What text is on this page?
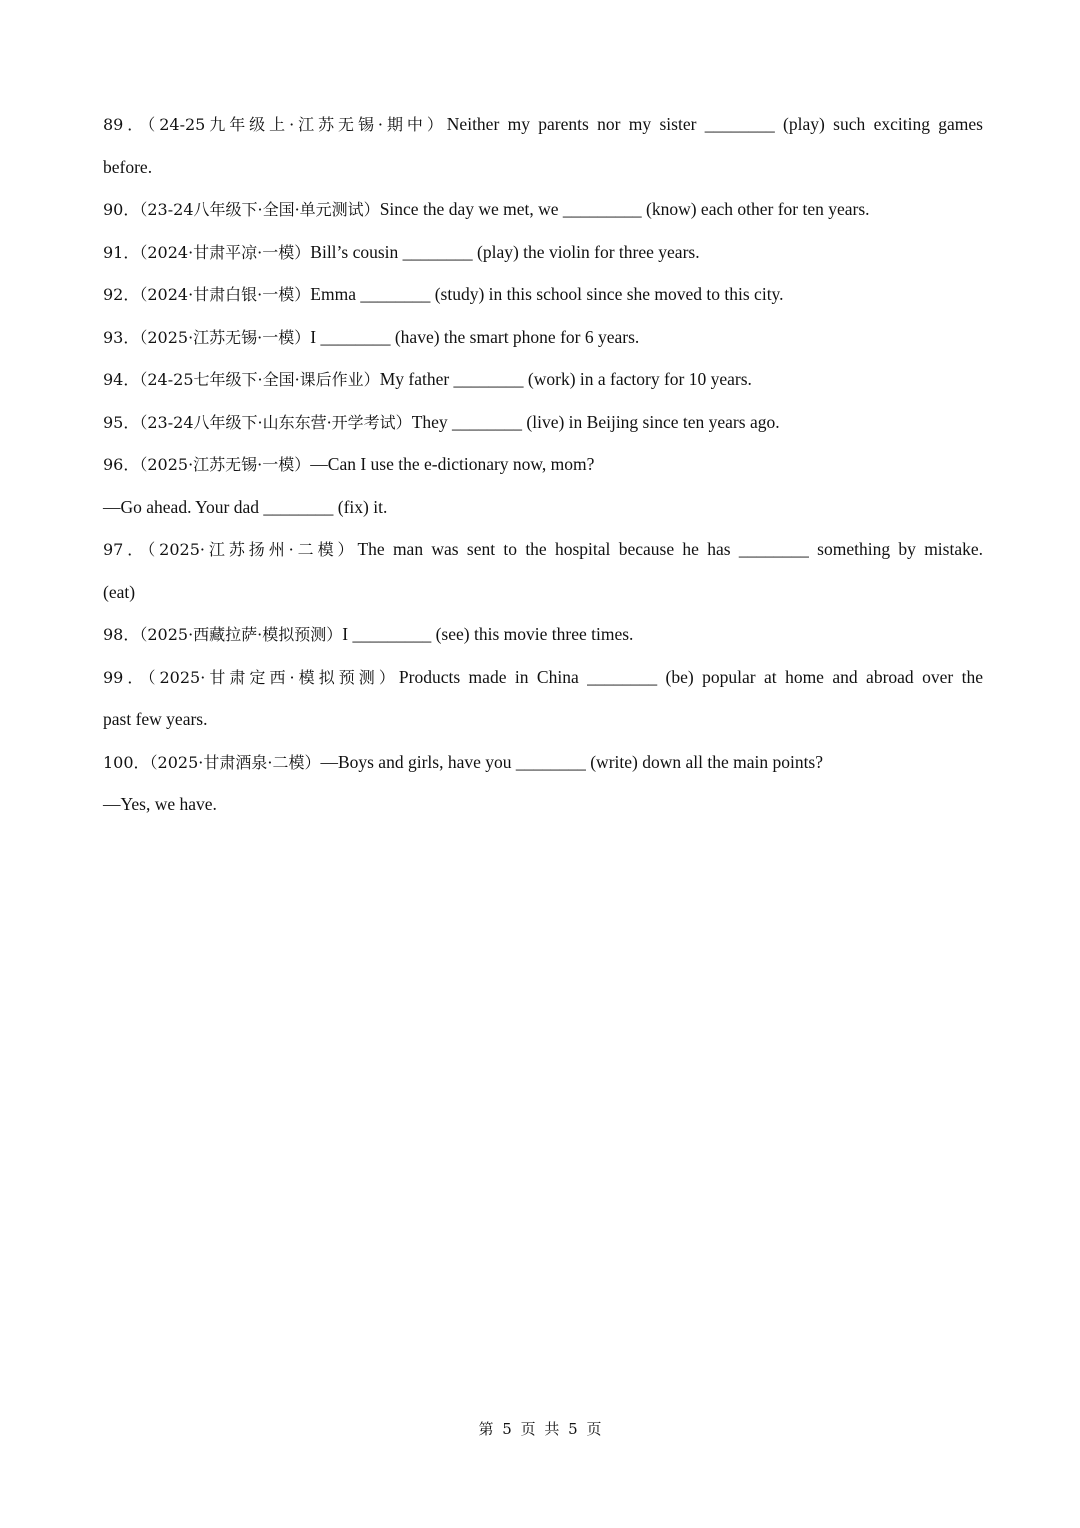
89．（24-25九年级上·江苏无锡·期中）Neither my parents nor my sister ________ (play) such exciting games
before.
90．（23-24八年级下·全国·单元测试）Since the day we met, we _________ (know) each other for ten years.
91．（2024·甘肃平凉·一模）Bill’s cousin ________ (play) the violin for three years.
92．（2024·甘肃白银·一模）Emma ________ (study) in this school since she moved to this city.
93．（2025·江苏无锡·一模）I ________ (have) the smart phone for 6 years.
94．（24-25七年级下·全国·课后作业）My father ________ (work) in a factory for 10 years.
95．（23-24八年级下·山东东营·开学考试）They ________ (live) in Beijing since ten years ago.
96．（2025·江苏无锡·一模）—Can I use the e-dictionary now, mom?
—Go ahead. Your dad ________ (fix) it.
97．（2025·江苏扬州·二模）The man was sent to the hospital because he has ________ something by mistake.
(eat)
98．（2025·西藏拉萨·模拟预测）I _________ (see) this movie three times.
99．（2025·甘肃定西·模拟预测）Products made in China ________ (be) popular at home and abroad over the
past few years.
100．（2025·甘肃酒泉·二模）—Boys and girls, have you ________ (write) down all the main points?
—Yes, we have.
第 5 页 共 5 页
